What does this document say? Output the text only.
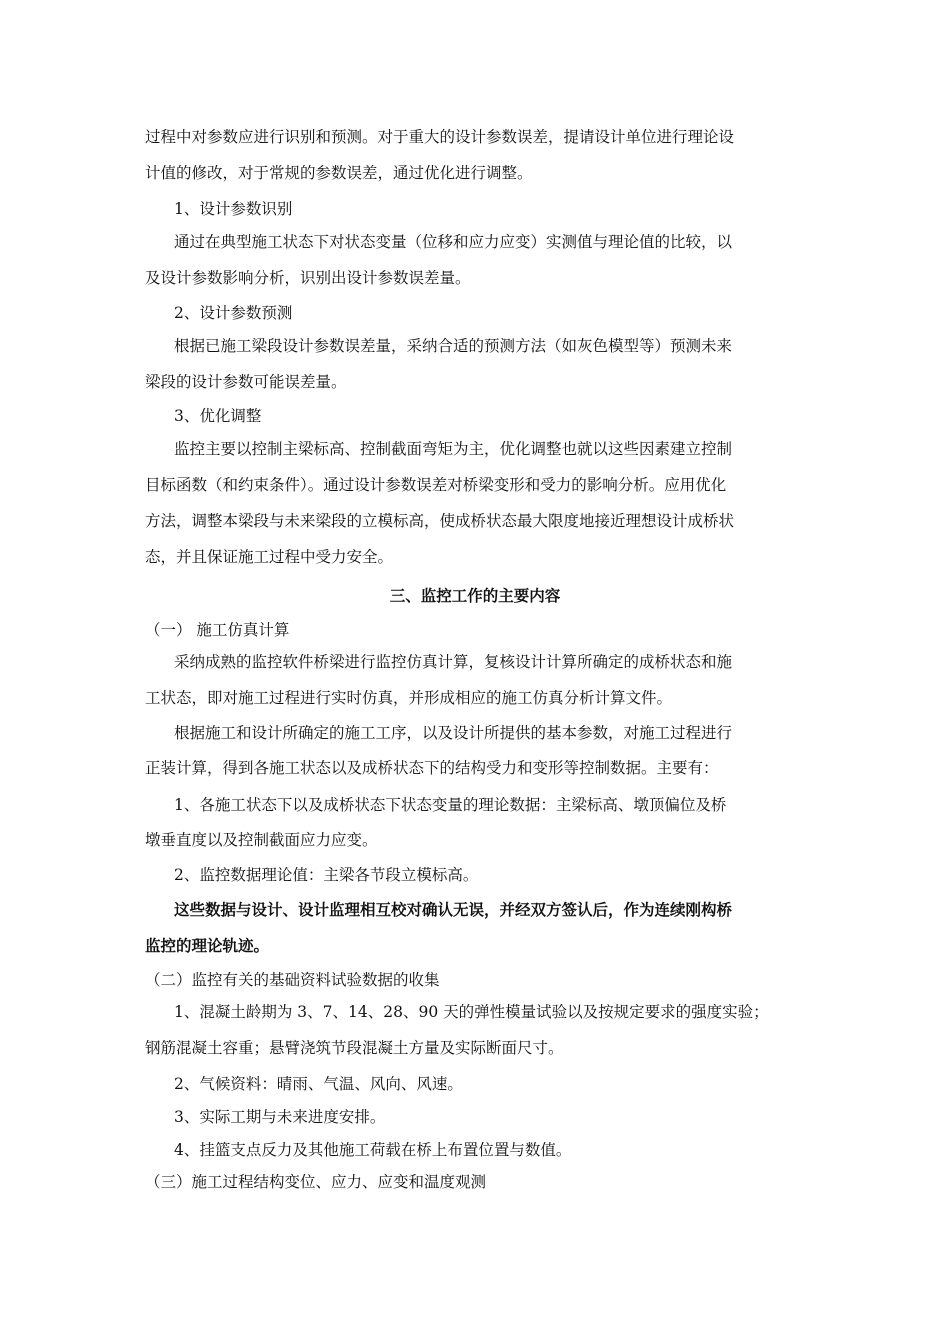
过程中对参数应进行识别和预测。对于重大的设计参数误差，提请设计单位进行理论设
计值的修改，对于常规的参数误差，通过优化进行调整。
1、设计参数识别
通过在典型施工状态下对状态变量（位移和应力应变）实测值与理论值的比较，以
及设计参数影响分析，识别出设计参数误差量。
2、设计参数预测
根据已施工梁段设计参数误差量，采纳合适的预测方法（如灰色模型等）预测未来
梁段的设计参数可能误差量。
3、优化调整
监控主要以控制主梁标高、控制截面弯矩为主，优化调整也就以这些因素建立控制
目标函数（和约束条件）。通过设计参数误差对桥梁变形和受力的影响分析。应用优化
方法，调整本梁段与未来梁段的立模标高，使成桥状态最大限度地接近理想设计成桥状
态，并且保证施工过程中受力安全。
三、监控工作的主要内容
（一） 施工仿真计算
采纳成熟的监控软件桥梁进行监控仿真计算，复核设计计算所确定的成桥状态和施
工状态，即对施工过程进行实时仿真，并形成相应的施工仿真分析计算文件。
根据施工和设计所确定的施工工序，以及设计所提供的基本参数，对施工过程进行
正装计算，得到各施工状态以及成桥状态下的结构受力和变形等控制数据。主要有：
1、各施工状态下以及成桥状态下状态变量的理论数据：主梁标高、墩顶偏位及桥
墩垂直度以及控制截面应力应变。
2、监控数据理论值：主梁各节段立模标高。
这些数据与设计、设计监理相互校对确认无误，并经双方签认后，作为连续刚构桥
监控的理论轨迹。
（二）监控有关的基础资料试验数据的收集
1、混凝土龄期为 3、7、14、28、90 天的弹性模量试验以及按规定要求的强度实验；
钢筋混凝土容重；悬臂浇筑节段混凝土方量及实际断面尺寸。
2、气候资料：晴雨、气温、风向、风速。
3、实际工期与未来进度安排。
4、挂篮支点反力及其他施工荷载在桥上布置位置与数值。
（三）施工过程结构变位、应力、应变和温度观测
